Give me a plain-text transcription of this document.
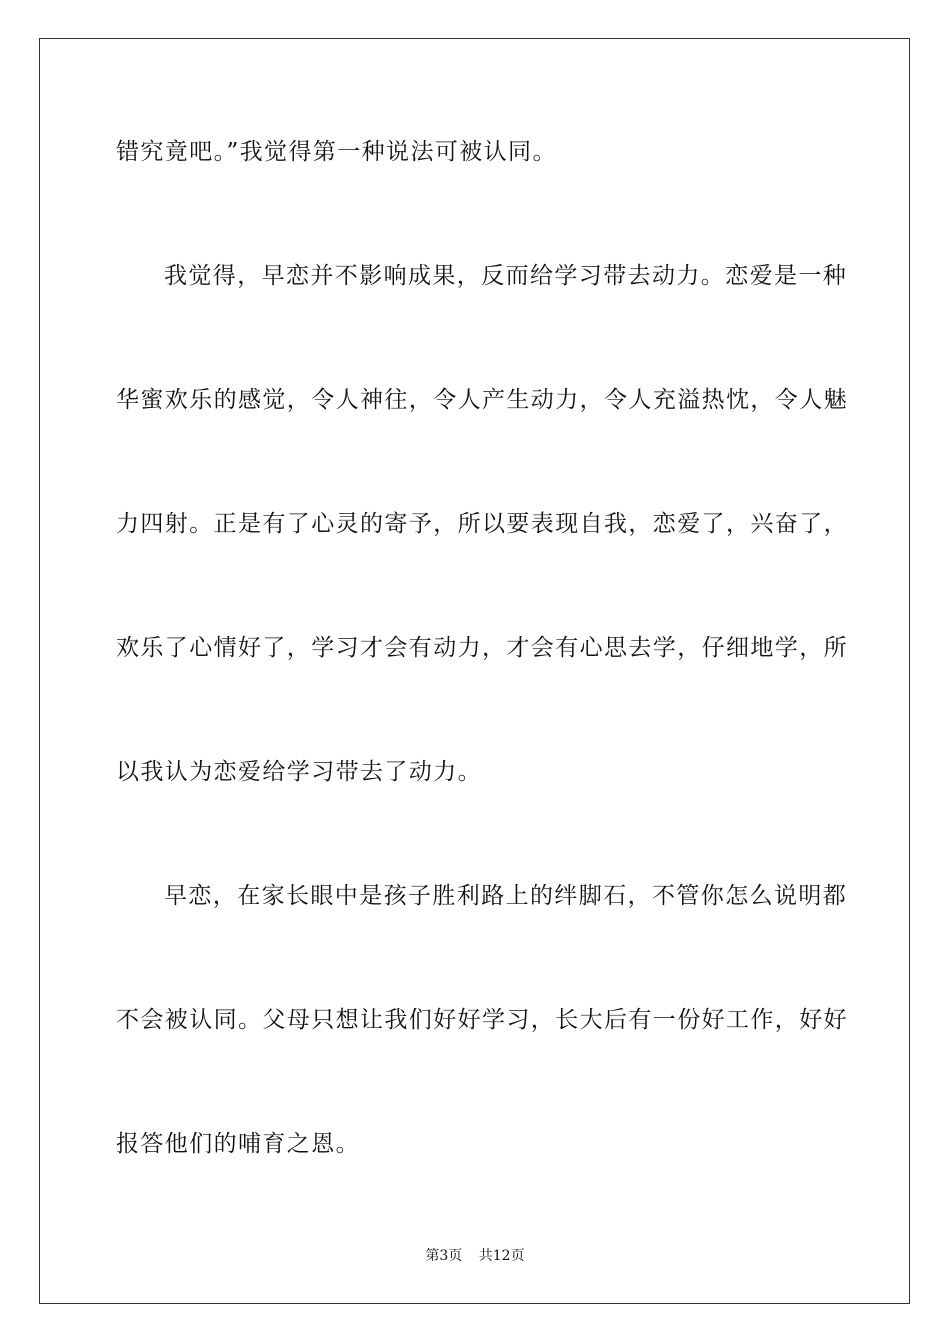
错究竟吧。”我觉得第一种说法可被认同。
我觉得，早恋并不影响成果，反而给学习带去动力。恋爱是一种
华蜜欢乐的感觉，令人神往，令人产生动力，令人充溢热忱，令人魅
力四射。正是有了心灵的寄予，所以要表现自我，恋爱了，兴奋了，
欢乐了心情好了，学习才会有动力，才会有心思去学，仔细地学，所
以我认为恋爱给学习带去了动力。
早恋，在家长眼中是孩子胜利路上的绊脚石，不管你怎么说明都
不会被认同。父母只想让我们好好学习，长大后有一份好工作，好好
报答他们的哺育之恩。
第3页 共12页
